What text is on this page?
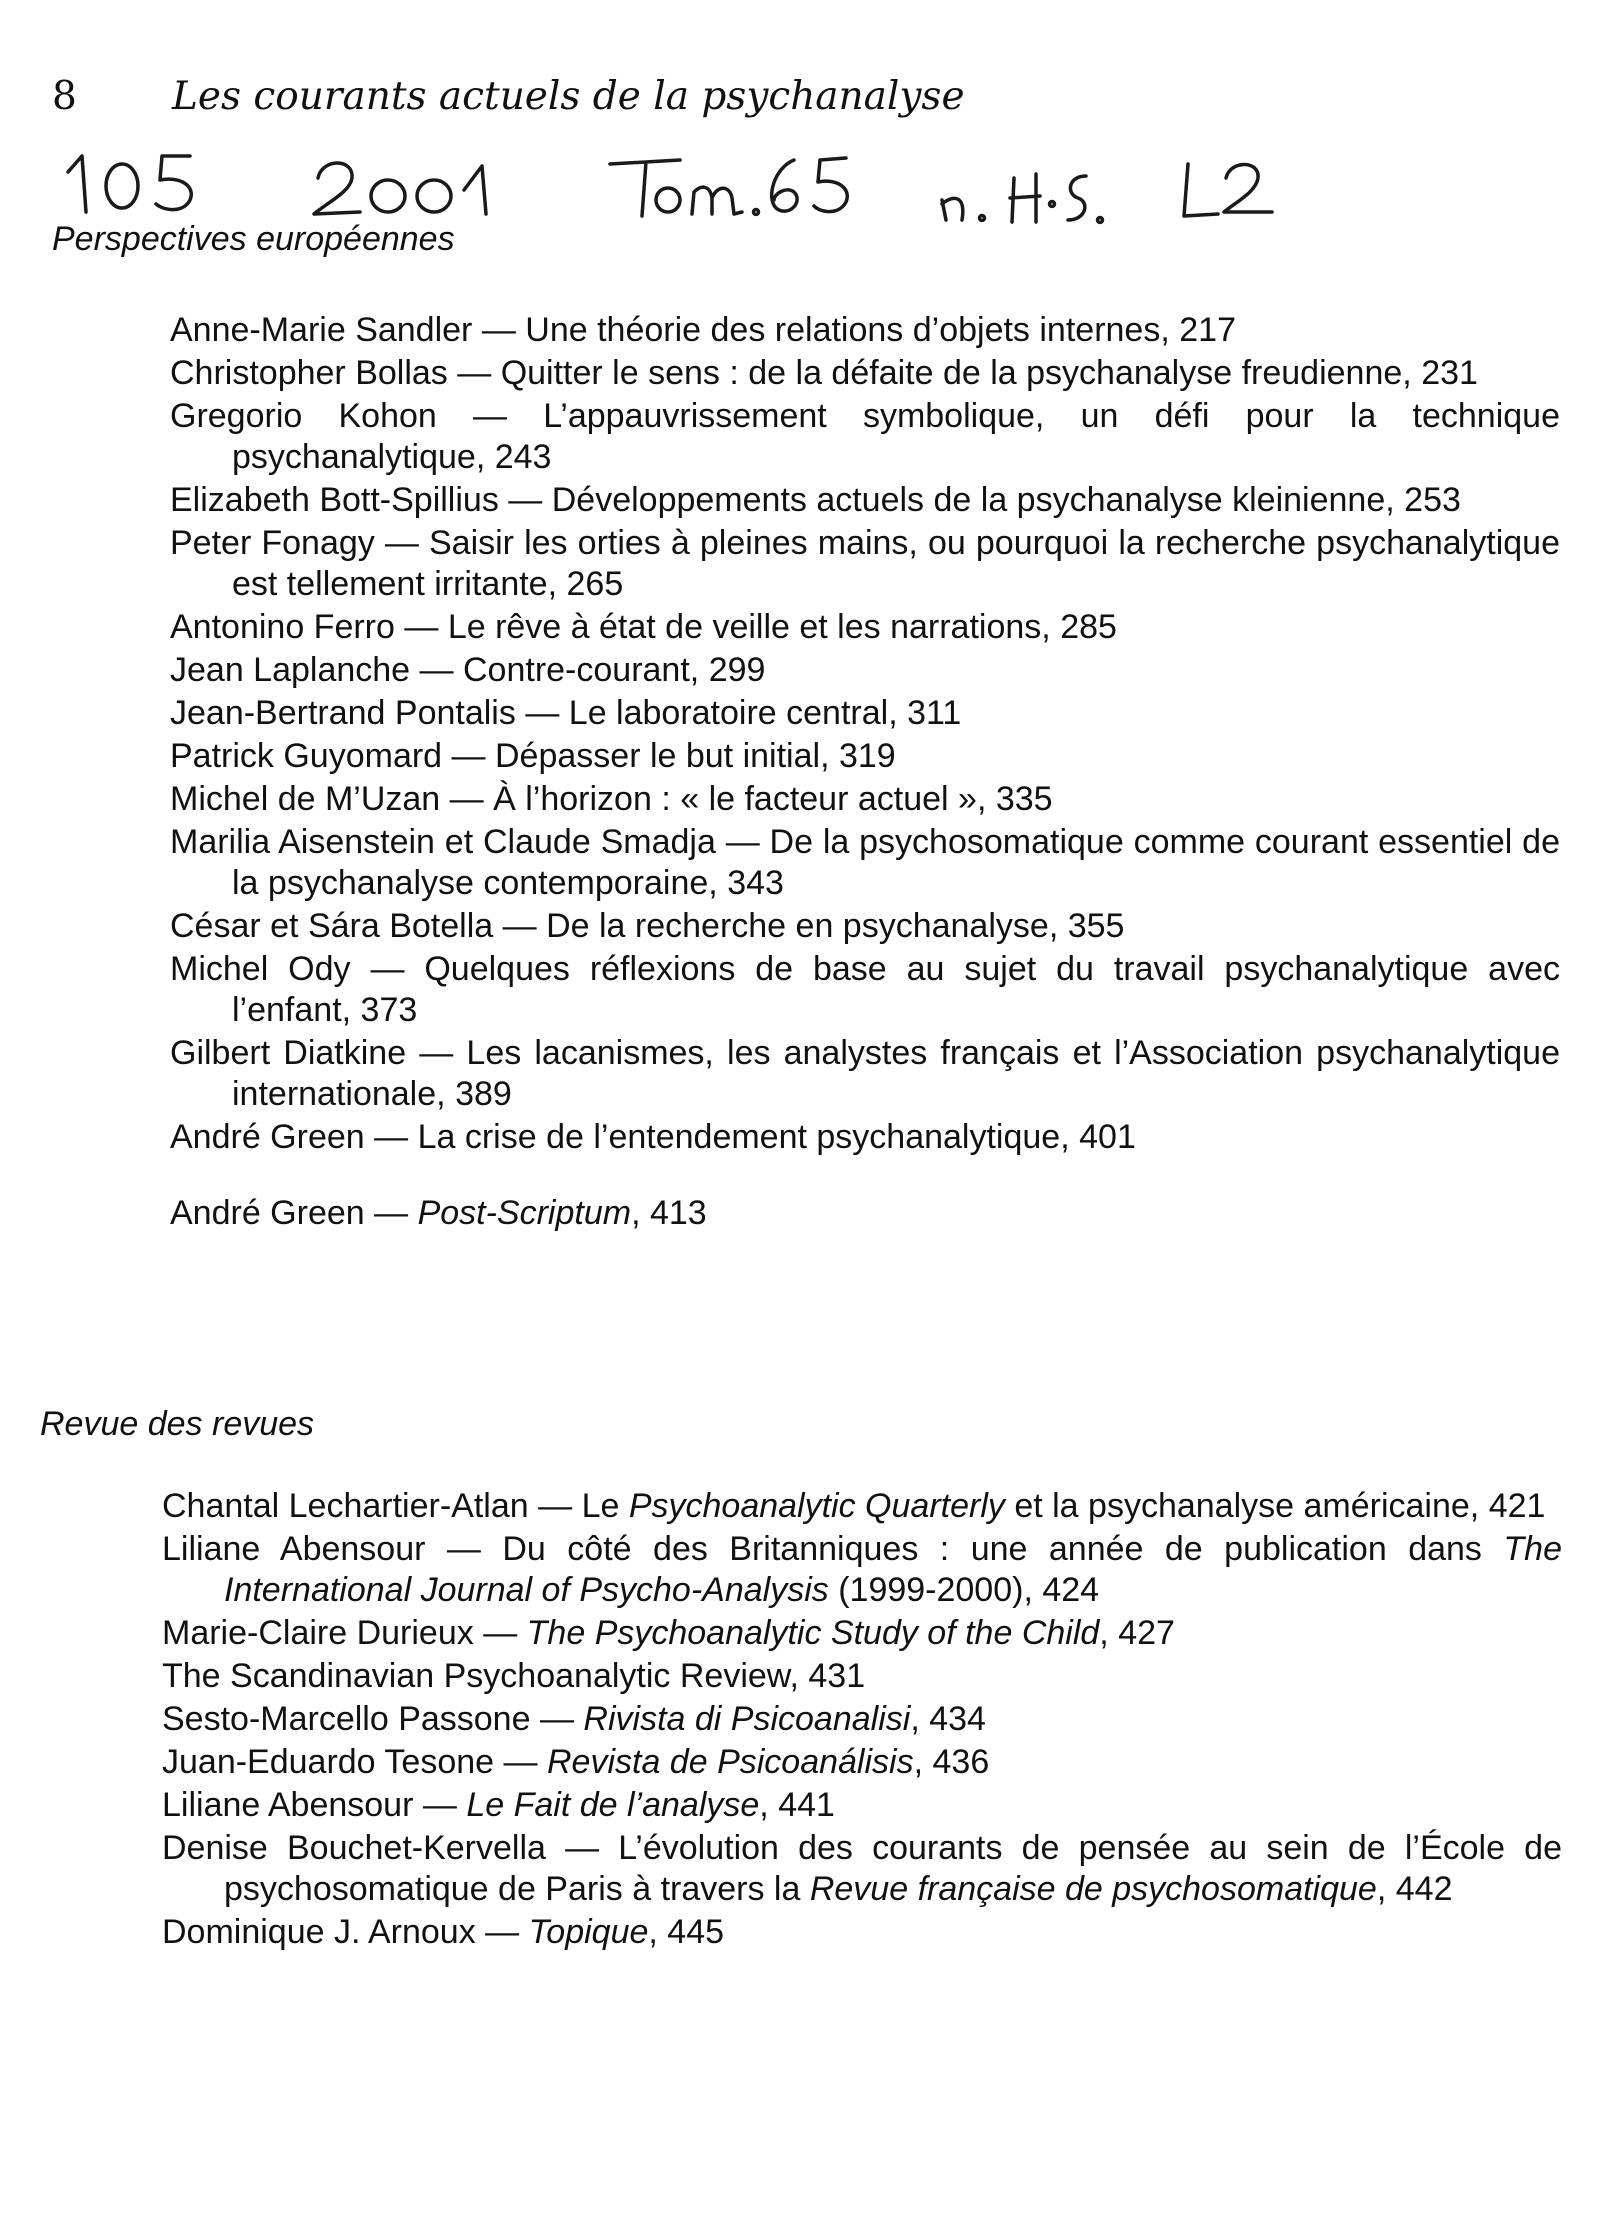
8 Les courants actuels de la psychanalyse
Perspectives européennes
Anne-Marie Sandler — Une théorie des relations d’objets internes, 217
Christopher Bollas — Quitter le sens : de la défaite de la psychanalyse freudienne, 231
Gregorio Kohon — L’appauvrissement symbolique, un défi pour la technique psychanalytique, 243
Elizabeth Bott-Spillius — Développements actuels de la psychanalyse kleinienne, 253
Peter Fonagy — Saisir les orties à pleines mains, ou pourquoi la recherche psychanalytique est tellement irritante, 265
Antonino Ferro — Le rêve à état de veille et les narrations, 285
Jean Laplanche — Contre-courant, 299
Jean-Bertrand Pontalis — Le laboratoire central, 311
Patrick Guyomard — Dépasser le but initial, 319
Michel de M’Uzan — À l’horizon : « le facteur actuel », 335
Marilia Aisenstein et Claude Smadja — De la psychosomatique comme courant essentiel de la psychanalyse contemporaine, 343
César et Sára Botella — De la recherche en psychanalyse, 355
Michel Ody — Quelques réflexions de base au sujet du travail psychanalytique avec l’enfant, 373
Gilbert Diatkine — Les lacanismes, les analystes français et l’Association psychanalytique internationale, 389
André Green — La crise de l’entendement psychanalytique, 401
André Green — Post-Scriptum, 413
Revue des revues
Chantal Lechartier-Atlan — Le Psychoanalytic Quarterly et la psychanalyse américaine, 421
Liliane Abensour — Du côté des Britanniques : une année de publication dans The International Journal of Psycho-Analysis (1999-2000), 424
Marie-Claire Durieux — The Psychoanalytic Study of the Child, 427
The Scandinavian Psychoanalytic Review, 431
Sesto-Marcello Passone — Rivista di Psicoanalisi, 434
Juan-Eduardo Tesone — Revista de Psicoanálisis, 436
Liliane Abensour — Le Fait de l’analyse, 441
Denise Bouchet-Kervella — L’évolution des courants de pensée au sein de l’École de psychosomatique de Paris à travers la Revue française de psychosomatique, 442
Dominique J. Arnoux — Topique, 445
